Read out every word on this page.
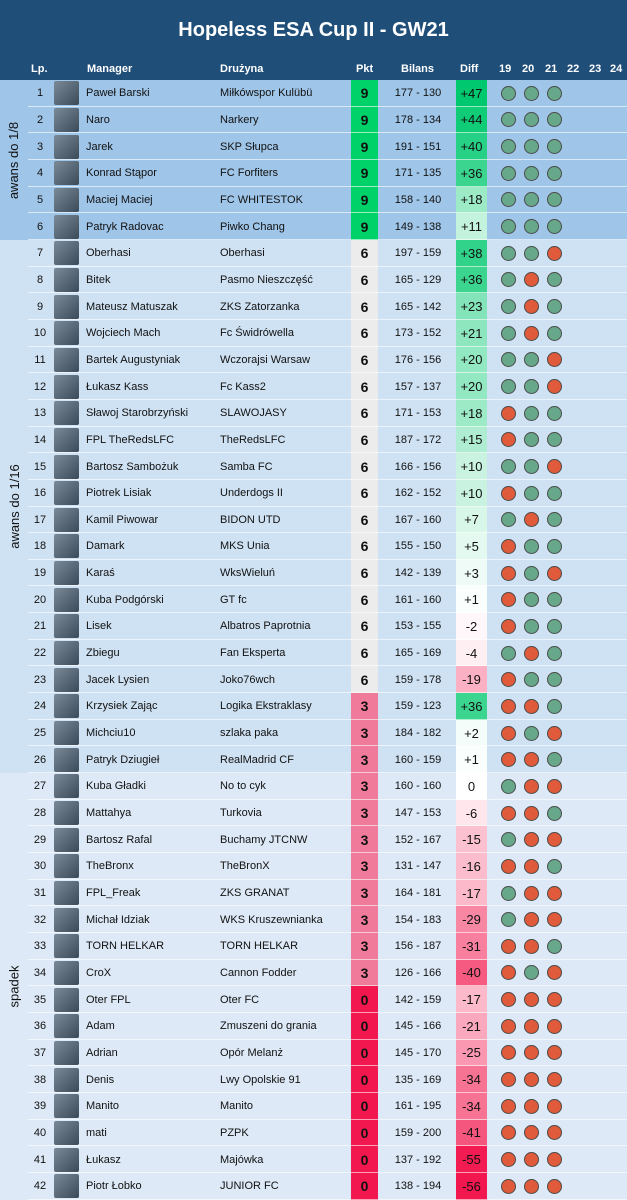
Hopeless ESA Cup II - GW21
Lp.	Manager	Drużyna	Pkt	Bilans Diff 19 20 21 22 23 24
1	Paweł Barski	Miłkówspor Kulübü	9	177 - 130	+47
2	Naro	Narkery	9	178 - 134	+44
3	Jarek	SKP Słupca	9	191 - 151	+40
4	Konrad Stąpor	FC Forfiters	9	171 - 135	+36
5	Maciej Maciej	FC WHITESTOK	9	158 - 140	+18
6	Patryk Radovac	Piwko Chang	9	149 - 138	+11
7	Oberhasi	Oberhasi	6	197 - 159	+38
8	Bitek	Pasmo Nieszczęść	6	165 - 129	+36
9	Mateusz Matuszak	ZKS Zatorzanka	6	165 - 142	+23
10	Wojciech Mach	Fc Świdrówella	6	173 - 152	+21
11	Bartek Augustyniak	Wczorajsi Warsaw	6	176 - 156	+20
12	Łukasz Kass	Fc Kass2	6	157 - 137	+20
13	Sławoj Starobrzyński	SLAWOJASY	6	171 - 153	+18
14	FPL TheRedsLFC	TheRedsLFC	6	187 - 172	+15
15	Bartosz Sambożuk	Samba FC	6	166 - 156	+10
16	Piotrek Lisiak	Underdogs II	6	162 - 152	+10
17	Kamil Piwowar	BIDON UTD	6	167 - 160	+7
18	Damark	MKS Unia	6	155 - 150	+5
19	Karaś	WksWieluń	6	142 - 139	+3
20	Kuba Podgórski	GT fc	6	161 - 160	+1
21	Lisek	Albatros Paprotnia	6	153 - 155	-2
22	Zbiegu	Fan Eksperta	6	165 - 169	-4
23	Jacek Lysien	Joko76wch	6	159 - 178	-19
24	Krzysiek Zając	Logika Ekstraklasy	3	159 - 123	+36
25	Michciu10	szlaka paka	3	184 - 182	+2
26	Patryk Dziugieł	RealMadrid CF	3	160 - 159	+1
27	Kuba Gładki	No to cyk	3	160 - 160	0
28	Mattahya	Turkovia	3	147 - 153	-6
29	Bartosz Rafal	Buchamy JTCNW	3	152 - 167	-15
30	TheBronx	TheBronX	3	131 - 147	-16
31	FPL_Freak	ZKS GRANAT	3	164 - 181	-17
32	Michał Idziak	WKS Kruszewnianka	3	154 - 183	-29
33	TORN HELKAR	TORN HELKAR	3	156 - 187	-31
34	CroX	Cannon Fodder	3	126 - 166	-40
35	Oter FPL	Oter FC	0	142 - 159	-17
36	Adam	Zmuszeni do grania	0	145 - 166	-21
37	Adrian	Opór Melanż	0	145 - 170	-25
38	Denis	Lwy Opolskie 91	0	135 - 169	-34
39	Manito	Manito	0	161 - 195	-34
40	mati	PZPK	0	159 - 200	-41
41	Łukasz	Majówka	0	137 - 192	-55
42	Piotr Łobko	JUNIOR FC	0	138 - 194	-56
awans do 1/8
awans do 1/16
spadek
